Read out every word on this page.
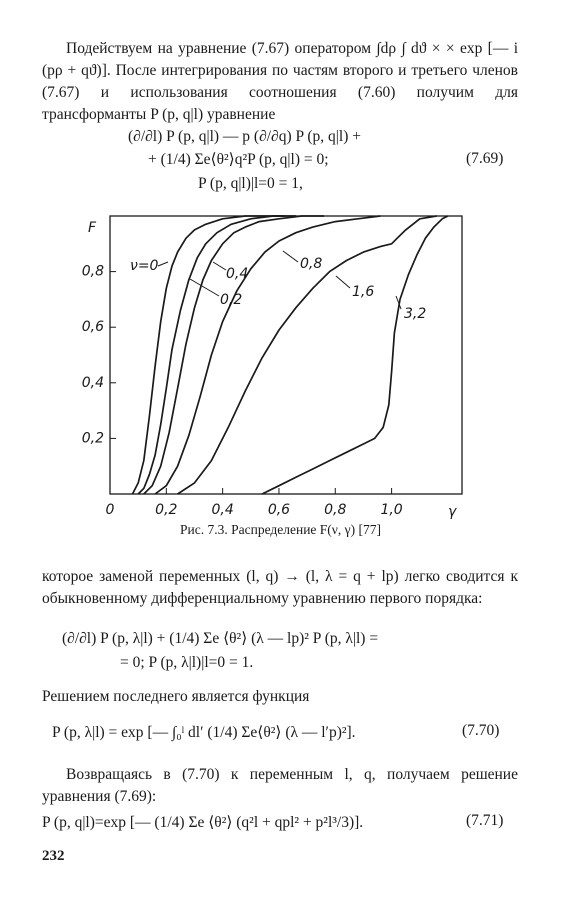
Подействуем на уравнение (7.67) оператором ∫dρ ∫ dϑ × × exp [— i (pρ + qϑ)]. После интегрирования по частям второго и третьего членов (7.67) и использования соотношения (7.60) получим для трансформанты P (p, q|l) уравнение
(∂/∂l) P (p, q|l) — p (∂/∂q) P (p, q|l) +
+ (1/4) Σe⟨θ²⟩q²P (p, q|l) = 0;	(7.69)
P (p, q|l)|l=0 = 1,
0	0,2 0,4 0,6 0,8 1,0
0,2
0,4
0,6
0,8
F
γ
ν=0
0,2
0,4
0,8
1,6
3,2
Рис. 7.3. Распределение F(ν, γ) [77]
которое заменой переменных (l, q) → (l, λ = q + lp) легко сводится к обыкновенному дифференциальному уравнению первого порядка:
(∂/∂l) P (p, λ|l) + (1/4) Σe ⟨θ²⟩ (λ — lp)² P (p, λ|l) =
= 0; P (p, λ|l)|l=0 = 1.
Решением последнего является функция
P (p, λ|l) = exp [— ∫₀ˡ dl′ (1/4) Σe⟨θ²⟩ (λ — l′p)²].	(7.70)
Возвращаясь в (7.70) к переменным l, q, получаем решение уравнения (7.69):
P (p, q|l)=exp [— (1/4) Σe ⟨θ²⟩ (q²l + qpl² + p²l³/3)].	(7.71)
232
